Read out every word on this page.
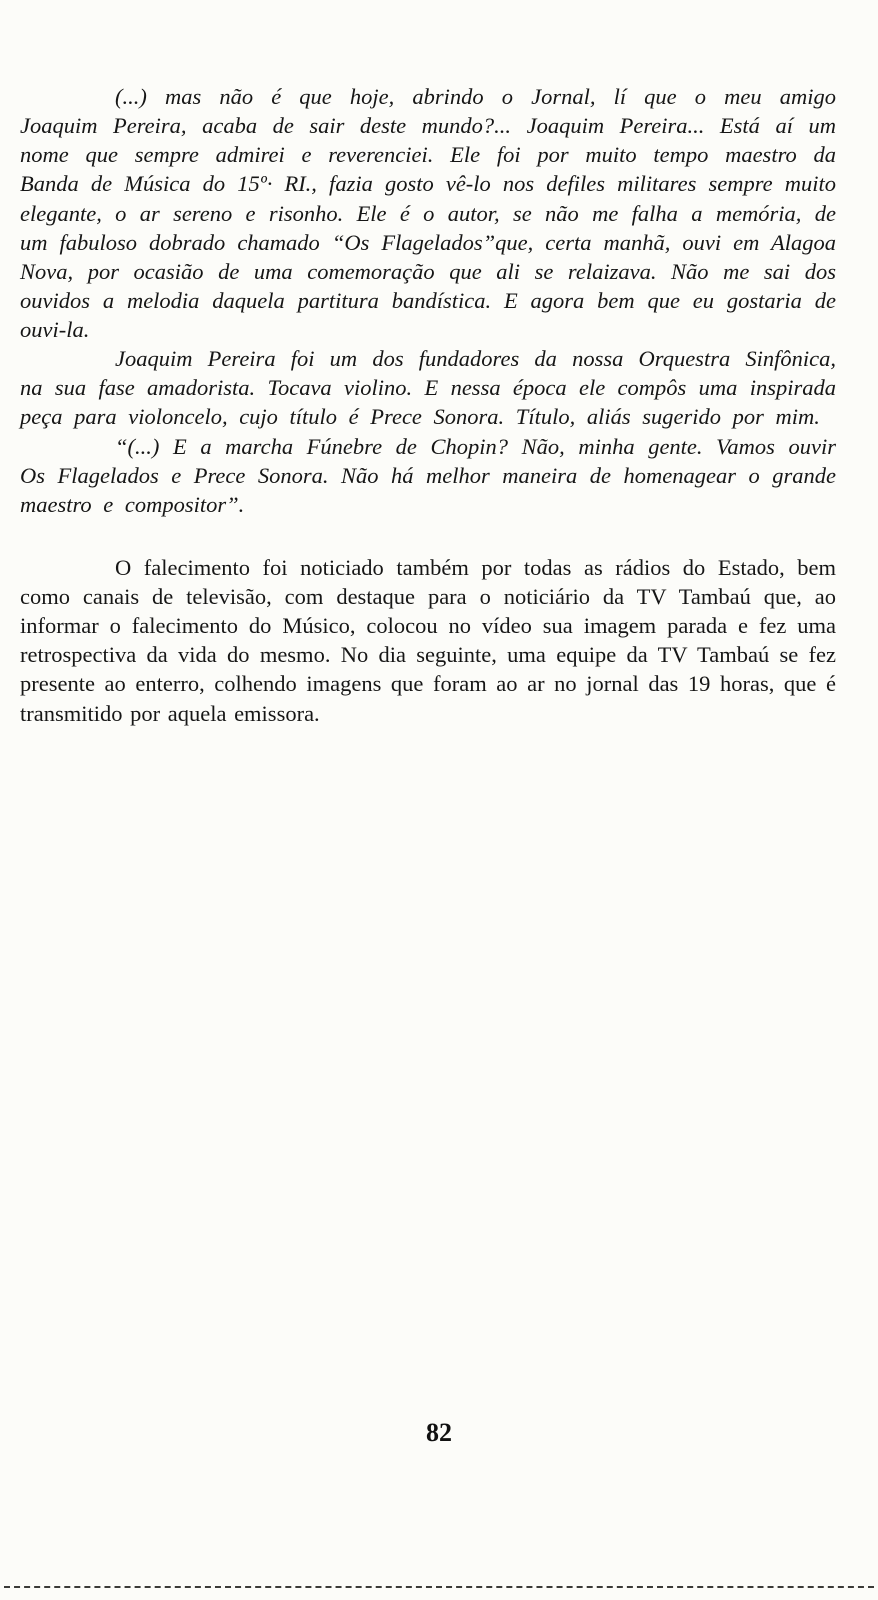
(...) mas não é que hoje, abrindo o Jornal, lí que o meu amigo Joaquim Pereira, acaba de sair deste mundo?... Joaquim Pereira... Está aí um nome que sempre admirei e reverenciei. Ele foi por muito tempo maestro da Banda de Música do 15º· RI., fazia gosto vê-lo nos defiles militares sempre muito elegante, o ar sereno e risonho. Ele é o autor, se não me falha a memória, de um fabuloso dobrado chamado “Os Flagelados”que, certa manhã, ouvi em Alagoa Nova, por ocasião de uma comemoração que ali se relaizava. Não me sai dos ouvidos a melodia daquela partitura bandística. E agora bem que eu gostaria de ouvi-la.

Joaquim Pereira foi um dos fundadores da nossa Orquestra Sinfônica, na sua fase amadorista. Tocava violino. E nessa época ele compôs uma inspirada peça para violoncelo, cujo título é Prece Sonora. Título, aliás sugerido por mim.

“(...) E a marcha Fúnebre de Chopin? Não, minha gente. Vamos ouvir Os Flagelados e Prece Sonora. Não há melhor maneira de homenagear o grande maestro e compositor”.

O falecimento foi noticiado também por todas as rádios do Estado, bem como canais de televisão, com destaque para o noticiário da TV Tambaú que, ao informar o falecimento do Músico, colocou no vídeo sua imagem parada e fez uma retrospectiva da vida do mesmo. No dia seguinte, uma equipe da TV Tambaú se fez presente ao enterro, colhendo imagens que foram ao ar no jornal das 19 horas, que é transmitido por aquela emissora.

82
